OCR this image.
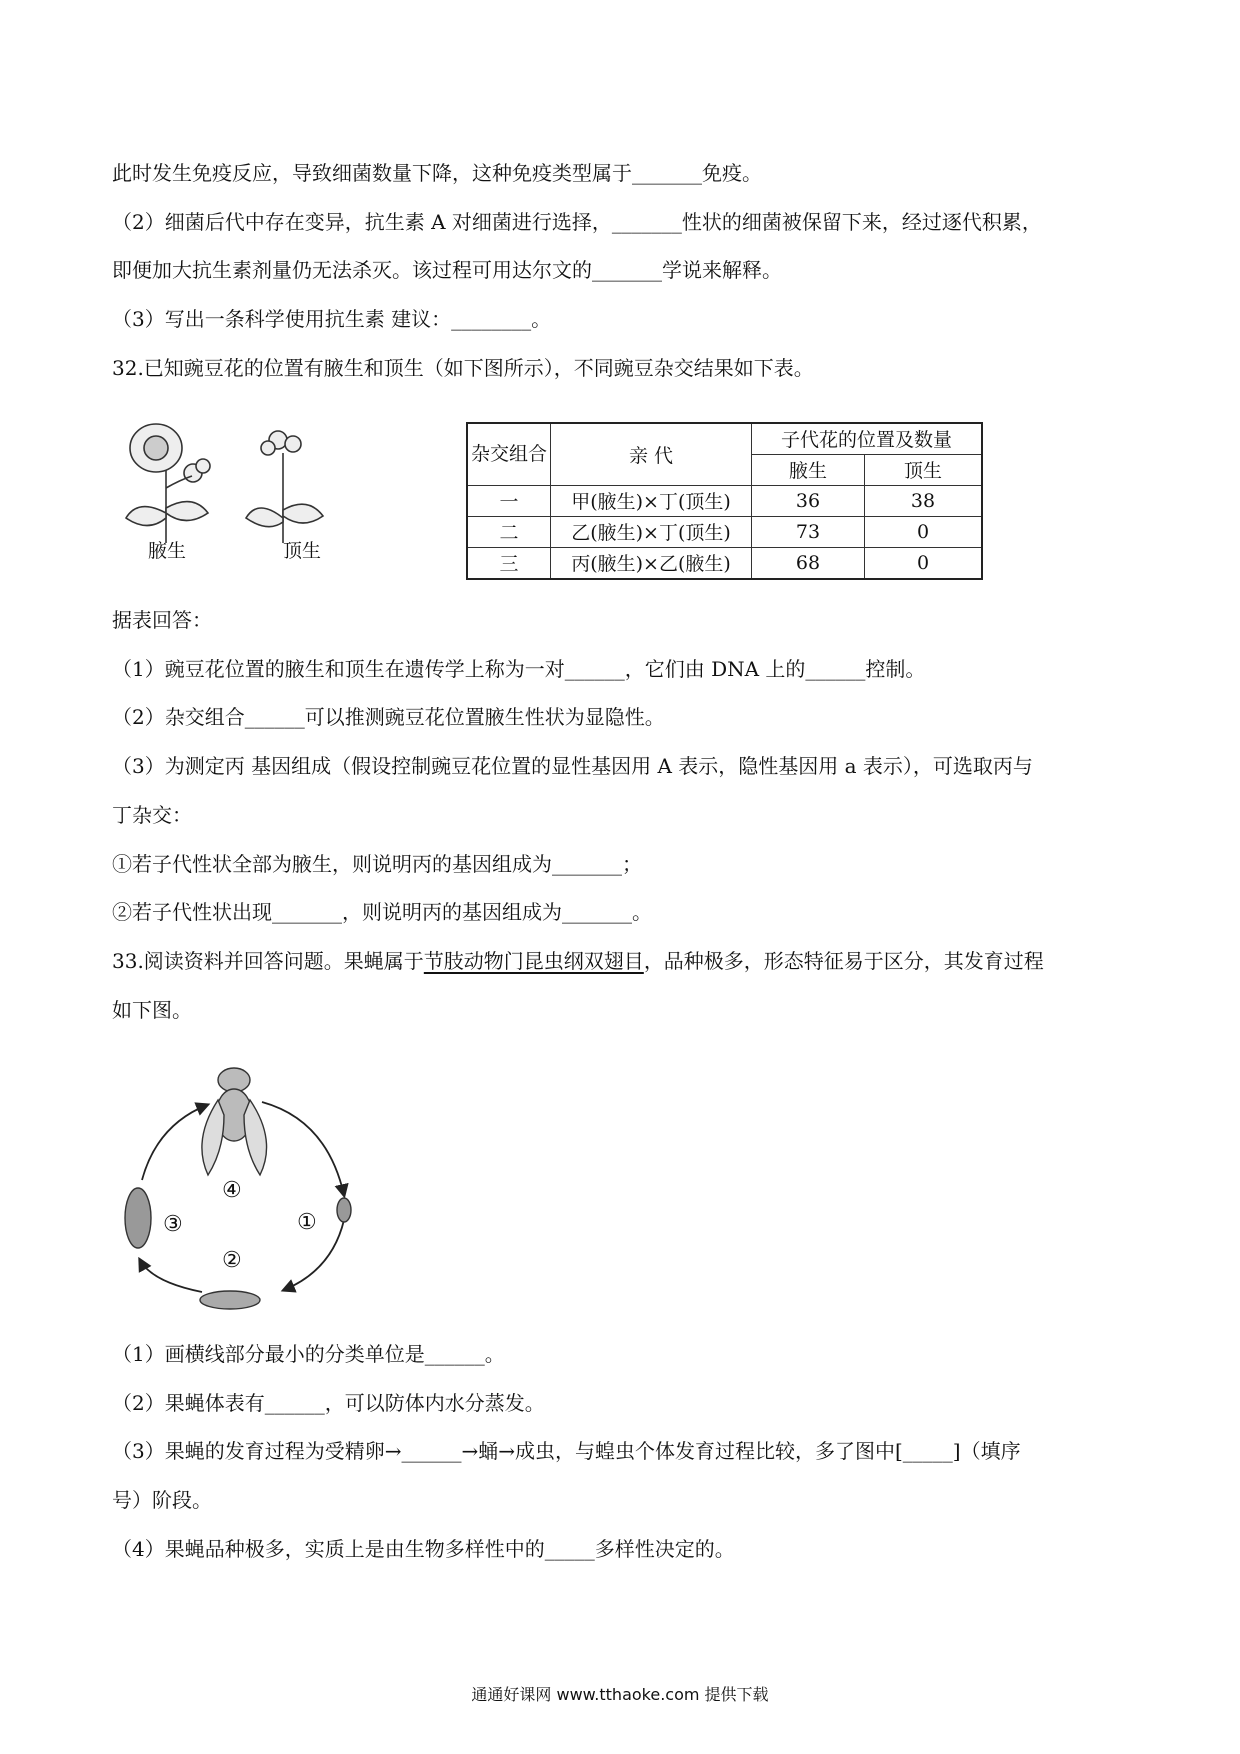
此时发生免疫反应，导致细菌数量下降，这种免疫类型属于_______免疫。
（2）细菌后代中存在变异，抗生素 A 对细菌进行选择，_______性状的细菌被保留下来，经过逐代积累，
即便加大抗生素剂量仍无法杀灭。该过程可用达尔文的_______学说来解释。
（3）写出一条科学使用抗生素 建议：________。
32.已知豌豆花的位置有腋生和顶生（如下图所示），不同豌豆杂交结果如下表。
腋生	顶生
杂交组合	亲 代	子代花的位置及数量	
		腋生	顶生
一	甲(腋生)×丁(顶生)	36	38
二	乙(腋生)×丁(顶生)	73	0
三	丙(腋生)×乙(腋生)	68	0
据表回答：
（1）豌豆花位置的腋生和顶生在遗传学上称为一对______，它们由 DNA 上的______控制。
（2）杂交组合______可以推测豌豆花位置腋生性状为显隐性。
（3）为测定丙 基因组成（假设控制豌豆花位置的显性基因用 A 表示，隐性基因用 a 表示），可选取丙与
丁杂交：
①若子代性状全部为腋生，则说明丙的基因组成为_______；
②若子代性状出现_______，则说明丙的基因组成为_______。
33.阅读资料并回答问题。果蝇属于节肢动物门昆虫纲双翅目，品种极多，形态特征易于区分，其发育过程
如下图。
④
①
③
②
（1）画横线部分最小的分类单位是______。
（2）果蝇体表有______，可以防体内水分蒸发。
（3）果蝇的发育过程为受精卵→______→蛹→成虫，与蝗虫个体发育过程比较，多了图中[_____]（填序
号）阶段。
（4）果蝇品种极多，实质上是由生物多样性中的_____多样性决定的。
通通好课网 www.tthaoke.com 提供下载
